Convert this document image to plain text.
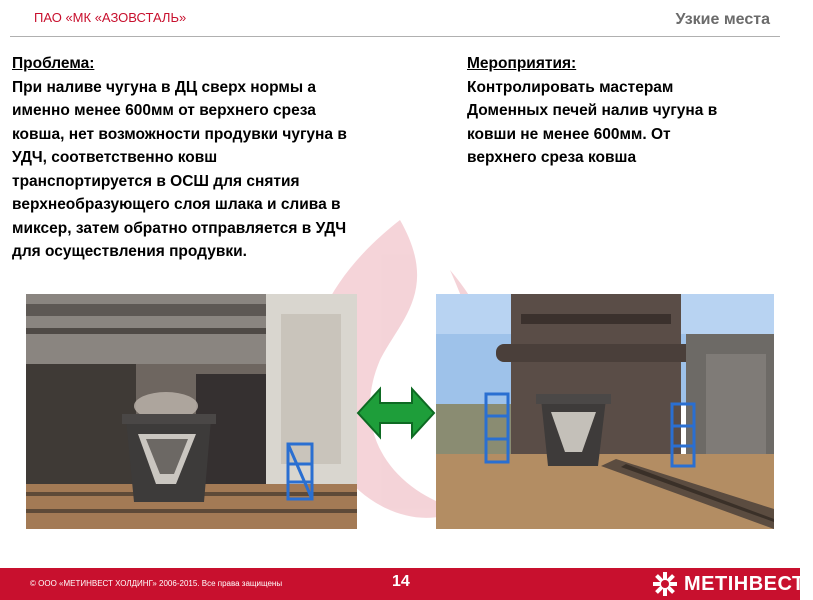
ПАО «МК «АЗОВСТАЛЬ»	Узкие места
Проблема:
При наливе чугуна в ДЦ сверх нормы а
именно менее 600мм от верхнего среза
ковша, нет возможности продувки чугуна в
УДЧ, соответственно ковш
транспортируется в ОСШ для снятия
верхнеобразующего слоя шлака и слива в
миксер, затем обратно отправляется в УДЧ
для осуществления продувки.
Мероприятия:
Контролировать мастерам
Доменных печей налив чугуна в
ковши не менее 600мм. От
верхнего среза ковша
© ООО «МЕТИНВЕСТ ХОЛДИНГ» 2006-2015. Все права защищены	14	МЕТІНВЕСТ ®
